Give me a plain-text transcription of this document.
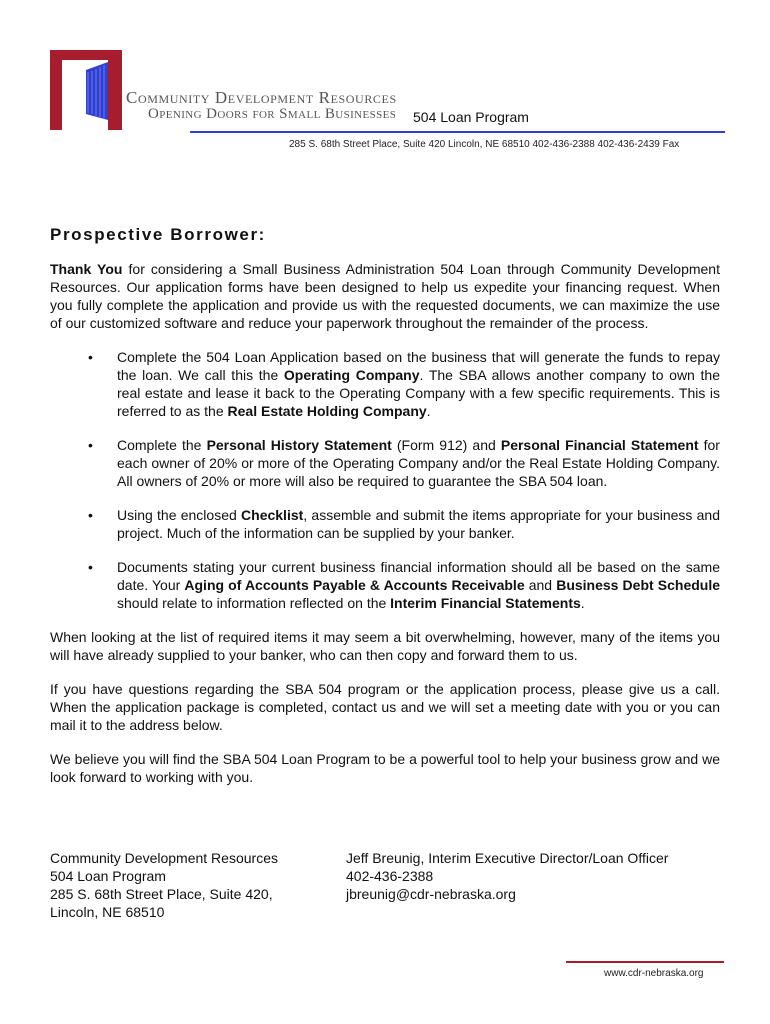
Community Development Resources
Opening Doors for Small Businesses 504 Loan Program
285 S. 68th Street Place, Suite 420 Lincoln, NE 68510 402-436-2388 402-436-2439 Fax
Prospective Borrower:

Thank You for considering a Small Business Administration 504 Loan through Community Development Resources. Our application forms have been designed to help us expedite your financing request. When you fully complete the application and provide us with the requested documents, we can maximize the use of our customized software and reduce your paperwork throughout the remainder of the process.

• Complete the 504 Loan Application based on the business that will generate the funds to repay the loan. We call this the Operating Company. The SBA allows another company to own the real estate and lease it back to the Operating Company with a few specific requirements. This is referred to as the Real Estate Holding Company.
• Complete the Personal History Statement (Form 912) and Personal Financial Statement for each owner of 20% or more of the Operating Company and/or the Real Estate Holding Company. All owners of 20% or more will also be required to guarantee the SBA 504 loan.
• Using the enclosed Checklist, assemble and submit the items appropriate for your business and project. Much of the information can be supplied by your banker.
• Documents stating your current business financial information should all be based on the same date. Your Aging of Accounts Payable & Accounts Receivable and Business Debt Schedule should relate to information reflected on the Interim Financial Statements.

When looking at the list of required items it may seem a bit overwhelming, however, many of the items you will have already supplied to your banker, who can then copy and forward them to us.

If you have questions regarding the SBA 504 program or the application process, please give us a call. When the application package is completed, contact us and we will set a meeting date with you or you can mail it to the address below.

We believe you will find the SBA 504 Loan Program to be a powerful tool to help your business grow and we look forward to working with you.

Community Development Resources
504 Loan Program
285 S. 68th Street Place, Suite 420,
Lincoln, NE 68510
Jeff Breunig, Interim Executive Director/Loan Officer
402-436-2388
jbreunig@cdr-nebraska.org
www.cdr-nebraska.org
